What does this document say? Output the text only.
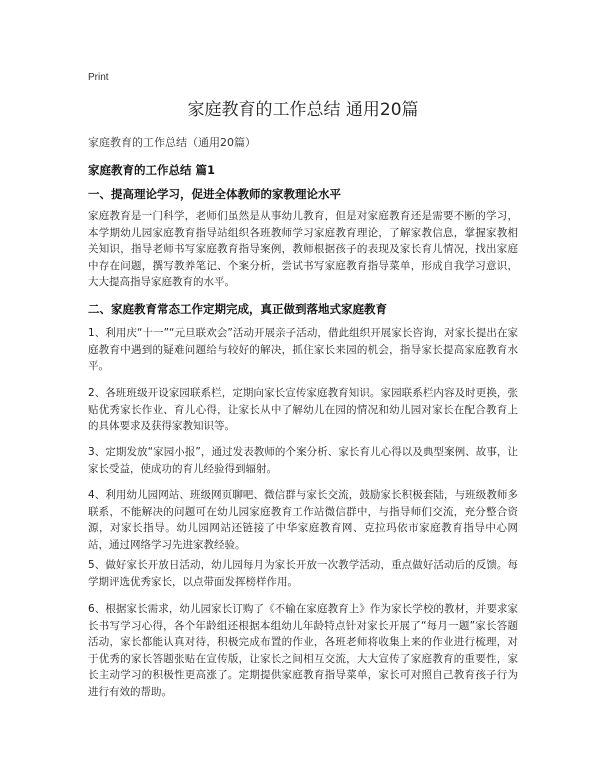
Print
家庭教育的工作总结 通用20篇
家庭教育的工作总结（通用20篇）
家庭教育的工作总结 篇1
一、提高理论学习，促进全体教师的家教理论水平
家庭教育是一门科学，老师们虽然是从事幼儿教育，但是对家庭教育还是需要不断的学习，本学期幼儿园家庭教育指导站组织各班教师学习家庭教育理论，了解家教信息，掌握家教相关知识，指导老师书写家庭教育指导案例，教师根据孩子的表现及家长育儿情况，找出家庭中存在问题，撰写教养笔记、个案分析，尝试书写家庭教育指导菜单，形成自我学习意识，大大提高指导家庭教育的水平。
二、家庭教育常态工作定期完成，真正做到落地式家庭教育
1、利用庆“十一”“元旦联欢会”活动开展亲子活动，借此组织开展家长咨询，对家长提出在家庭教育中遇到的疑难问题给与较好的解决，抓住家长来园的机会，指导家长提高家庭教育水平。
2、各班班级开设家园联系栏，定期向家长宣传家庭教育知识。家园联系栏内容及时更换，张贴优秀家长作业、育儿心得，让家长从中了解幼儿在园的情况和幼儿园对家长在配合教育上的具体要求及获得家教知识等。
3、定期发放“家园小报”，通过发表教师的个案分析、家长育儿心得以及典型案例、故事，让家长受益，使成功的育儿经验得到辐射。
4、利用幼儿园网站、班级网页聊吧、微信群与家长交流，鼓励家长积极套陆，与班级教师多联系，不能解决的问题可在幼儿园家庭教育工作站微信群中，与指导师们交流，充分整合资源，对家长指导。幼儿园网站还链接了中华家庭教育网、克拉玛依市家庭教育指导中心网站，通过网络学习先进家教经验。
5、做好家长开放日活动，幼儿园每月为家长开放一次教学活动，重点做好活动后的反馈。每学期评选优秀家长，以点带面发挥榜样作用。
6、根据家长需求，幼儿园家长订购了《不输在家庭教育上》作为家长学校的教材，并要求家长书写学习心得，各个年龄组还根据本组幼儿年龄特点针对家长开展了“每月一题”家长答题活动，家长都能认真对待，积极完成布置的作业，各班老师将收集上来的作业进行梳理，对于优秀的家长答题张贴在宣传版，让家长之间相互交流，大大宣传了家庭教育的重要性，家长主动学习的积极性更高涨了。定期提供家庭教育指导菜单，家长可对照自己教育孩子行为进行有效的帮助。
